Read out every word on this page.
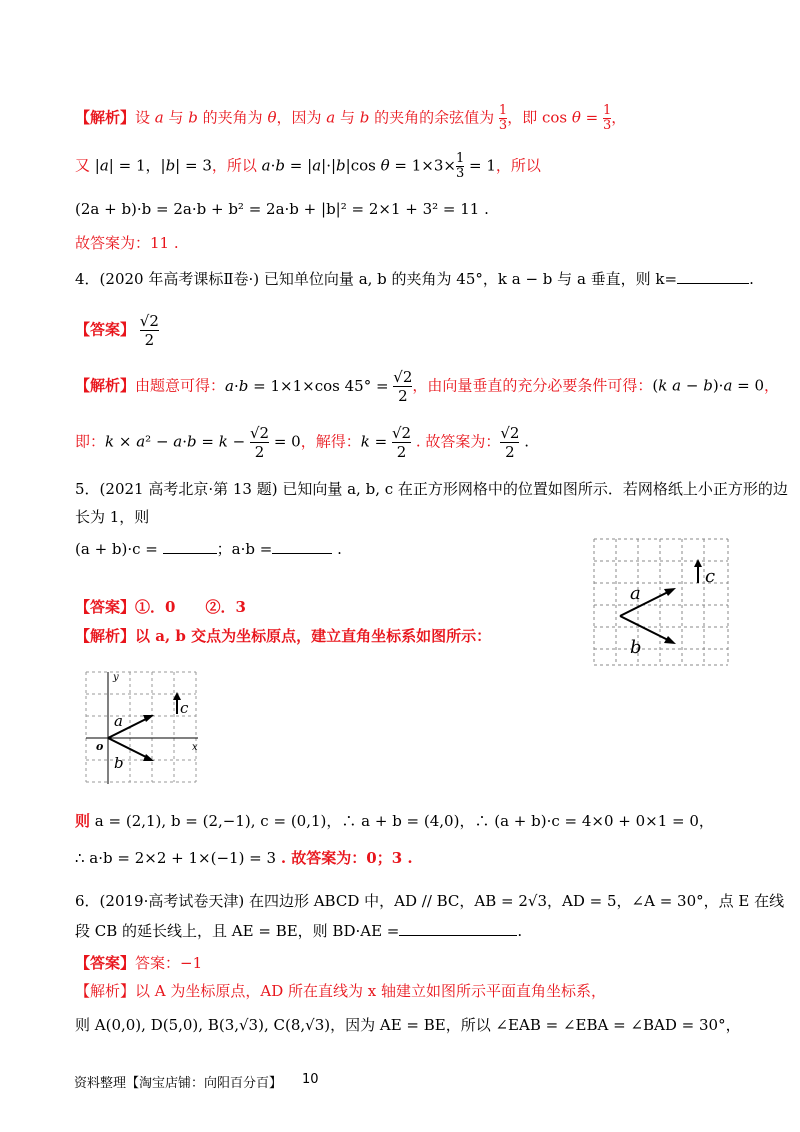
【解析】设 a 与 b 的夹角为 θ，因为 a 与 b 的夹角的余弦值为 $\frac{1}{3}$ ，即 $\cos \theta = \frac{1}{3}$ ，
又 |a| = 1，|b| = 3，所以 a·b = |a|·|b|cos $\theta = 1\times 3\times \frac{1}{3} = 1$，所以
(2a + b)·b = 2a·b + b² = 2a·b + |b|² = 2×1 + 3² = 11 .
故答案为：11 .
4．(2020 年高考课标Ⅱ卷·) 已知单位向量 a, b 的夹角为 45°，k a − b 与 a 垂直，则 k=	.
【答案】 $\frac{√2}{2}$
【解析】由题意可得：a·b = 1×1×cos $45^\circ = \frac{√2}{2}$ ，由向量垂直的充分必要条件可得：(k a − b)·a = 0，
即：$k \times a^2 - a\cdot b = k - \frac{√2}{2} = 0$，解得：$k = \frac{√2}{2}$ . 故答案为： $\frac{√2}{2}$ .
5．(2021 高考北京·第 13 题) 已知向量 a, b, c 在正方形网格中的位置如图所示．若网格纸上小正方形的边
长为 1，则
(a + b)·c =	；a·b =	.
a
b
c
【答案】①．0　　②．3
【解析】以 a, b 交点为坐标原点，建立直角坐标系如图所示：
y
x
o
a
b
c
则 a = (2,1), b = (2,−1), c = (0,1)，∴ a + b = (4,0)，∴ (a + b)·c = 4×0 + 0×1 = 0，
∴ a·b = 2×2 + 1×(−1) = 3 . 故答案为：0；3 .
6．(2019·高考试卷天津) 在四边形 ABCD 中，AD // BC，AB = 2√3，AD = 5，∠A = 30°，点 E 在线
段 CB 的延长线上，且 AE = BE，则 BD·AE =	.
【答案】答案：−1
【解析】以 A 为坐标原点，AD 所在直线为 x 轴建立如图所示平面直角坐标系，
则 A(0,0), D(5,0), B(3,√3), C(8,√3)，因为 AE = BE，所以 ∠EAB = ∠EBA = ∠BAD = 30°，
资料整理【淘宝店铺：向阳百分百】 10
